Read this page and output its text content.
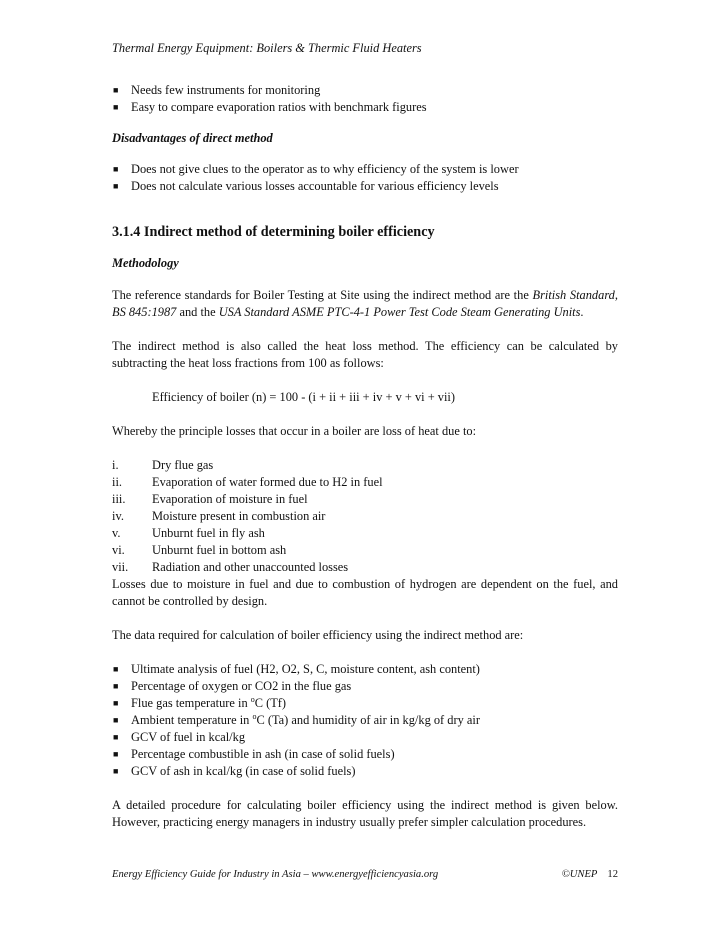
Thermal Energy Equipment: Boilers & Thermic Fluid Heaters
■ Needs few instruments for monitoring
■ Easy to compare evaporation ratios with benchmark figures
Disadvantages of direct method
■ Does not give clues to the operator as to why efficiency of the system is lower
■ Does not calculate various losses accountable for various efficiency levels
3.1.4 Indirect method of determining boiler efficiency
Methodology

The reference standards for Boiler Testing at Site using the indirect method are the British Standard, BS 845:1987 and the USA Standard ASME PTC-4-1 Power Test Code Steam Generating Units.

The indirect method is also called the heat loss method. The efficiency can be calculated by subtracting the heat loss fractions from 100 as follows:

Efficiency of boiler (n) = 100 - (i + ii + iii + iv + v + vi + vii)

Whereby the principle losses that occur in a boiler are loss of heat due to:

i.	Dry flue gas
ii.	Evaporation of water formed due to H2 in fuel
iii.	Evaporation of moisture in fuel
iv.	Moisture present in combustion air
v.	Unburnt fuel in fly ash
vi.	Unburnt fuel in bottom ash
vii.	Radiation and other unaccounted losses

Losses due to moisture in fuel and due to combustion of hydrogen are dependent on the fuel, and cannot be controlled by design.

The data required for calculation of boiler efficiency using the indirect method are:

■ Ultimate analysis of fuel (H2, O2, S, C, moisture content, ash content)
■ Percentage of oxygen or CO2 in the flue gas
■ Flue gas temperature in $^o$C (Tf)
■ Ambient temperature in $^o$C (Ta) and humidity of air in kg/kg of dry air
■ GCV of fuel in kcal/kg
■ Percentage combustible in ash (in case of solid fuels)
■ GCV of ash in kcal/kg (in case of solid fuels)

A detailed procedure for calculating boiler efficiency using the indirect method is given below. However, practicing energy managers in industry usually prefer simpler calculation procedures.

Energy Efficiency Guide for Industry in Asia – www.energyefficiencyasia.org	©UNEP 12
